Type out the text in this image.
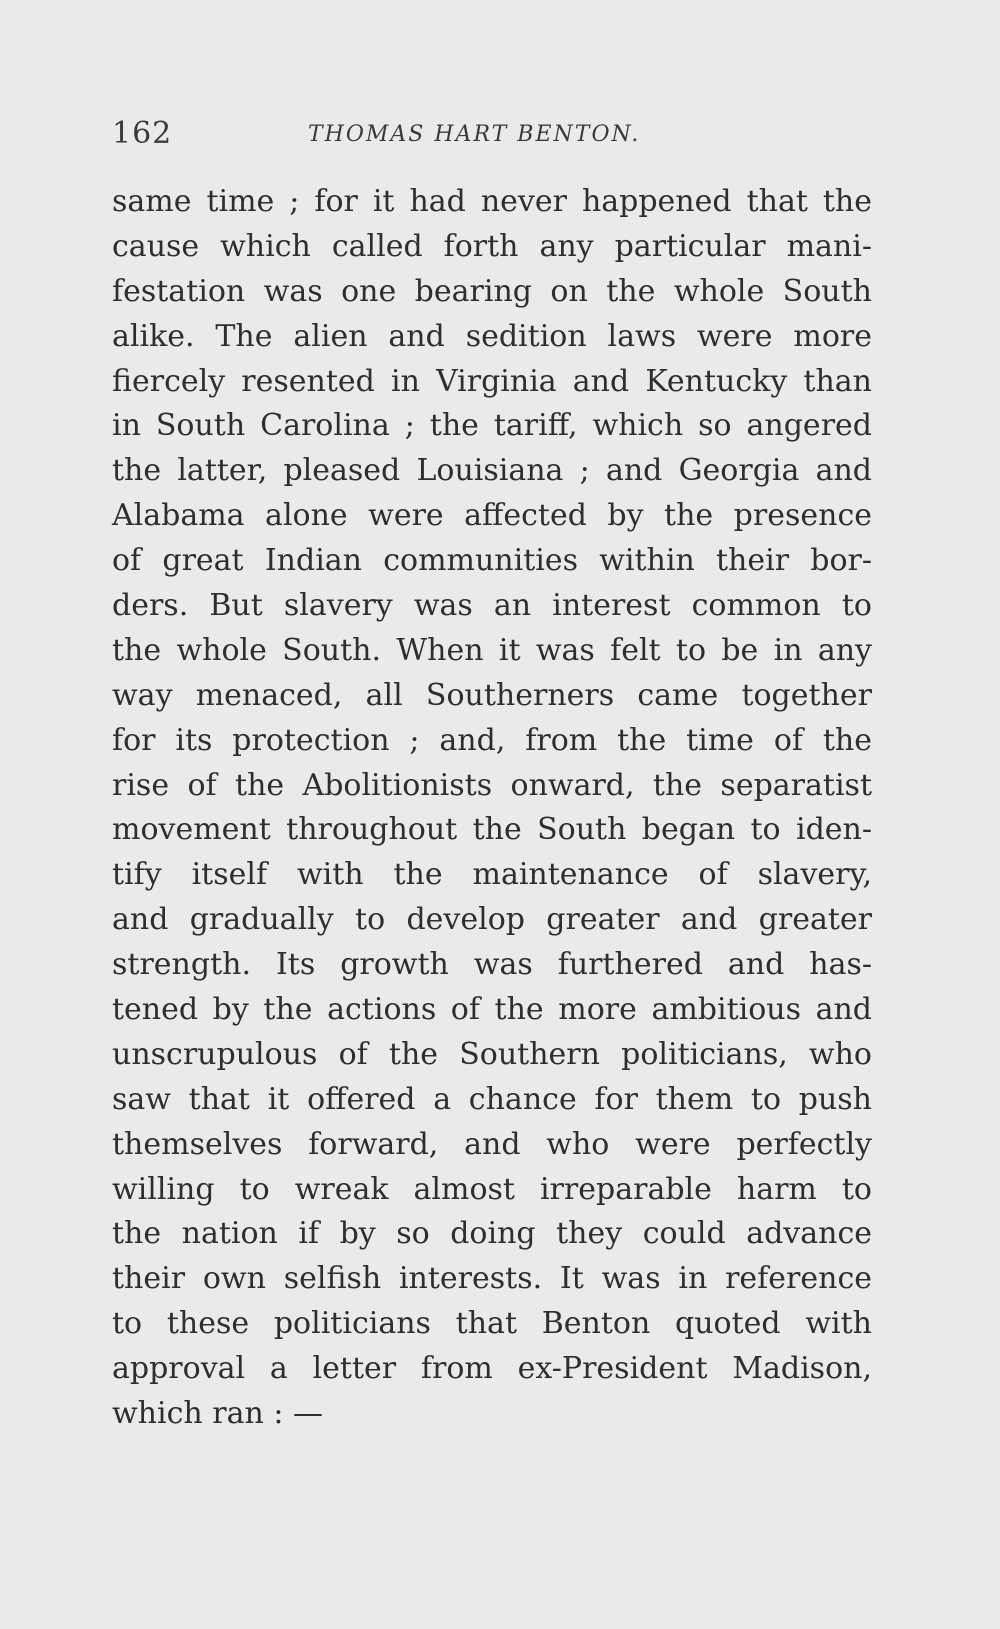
162	THOMAS HART BENTON.
same time ; for it had never happened that the
cause which called forth any particular mani-
festation was one bearing on the whole South
alike. The alien and sedition laws were more
fiercely resented in Virginia and Kentucky than
in South Carolina ; the tariff, which so angered
the latter, pleased Louisiana ; and Georgia and
Alabama alone were affected by the presence
of great Indian communities within their bor-
ders. But slavery was an interest common to
the whole South. When it was felt to be in any
way menaced, all Southerners came together
for its protection ; and, from the time of the
rise of the Abolitionists onward, the separatist
movement throughout the South began to iden-
tify itself with the maintenance of slavery,
and gradually to develop greater and greater
strength. Its growth was furthered and has-
tened by the actions of the more ambitious and
unscrupulous of the Southern politicians, who
saw that it offered a chance for them to push
themselves forward, and who were perfectly
willing to wreak almost irreparable harm to
the nation if by so doing they could advance
their own selfish interests. It was in reference
to these politicians that Benton quoted with
approval a letter from ex-President Madison,
which ran : —
